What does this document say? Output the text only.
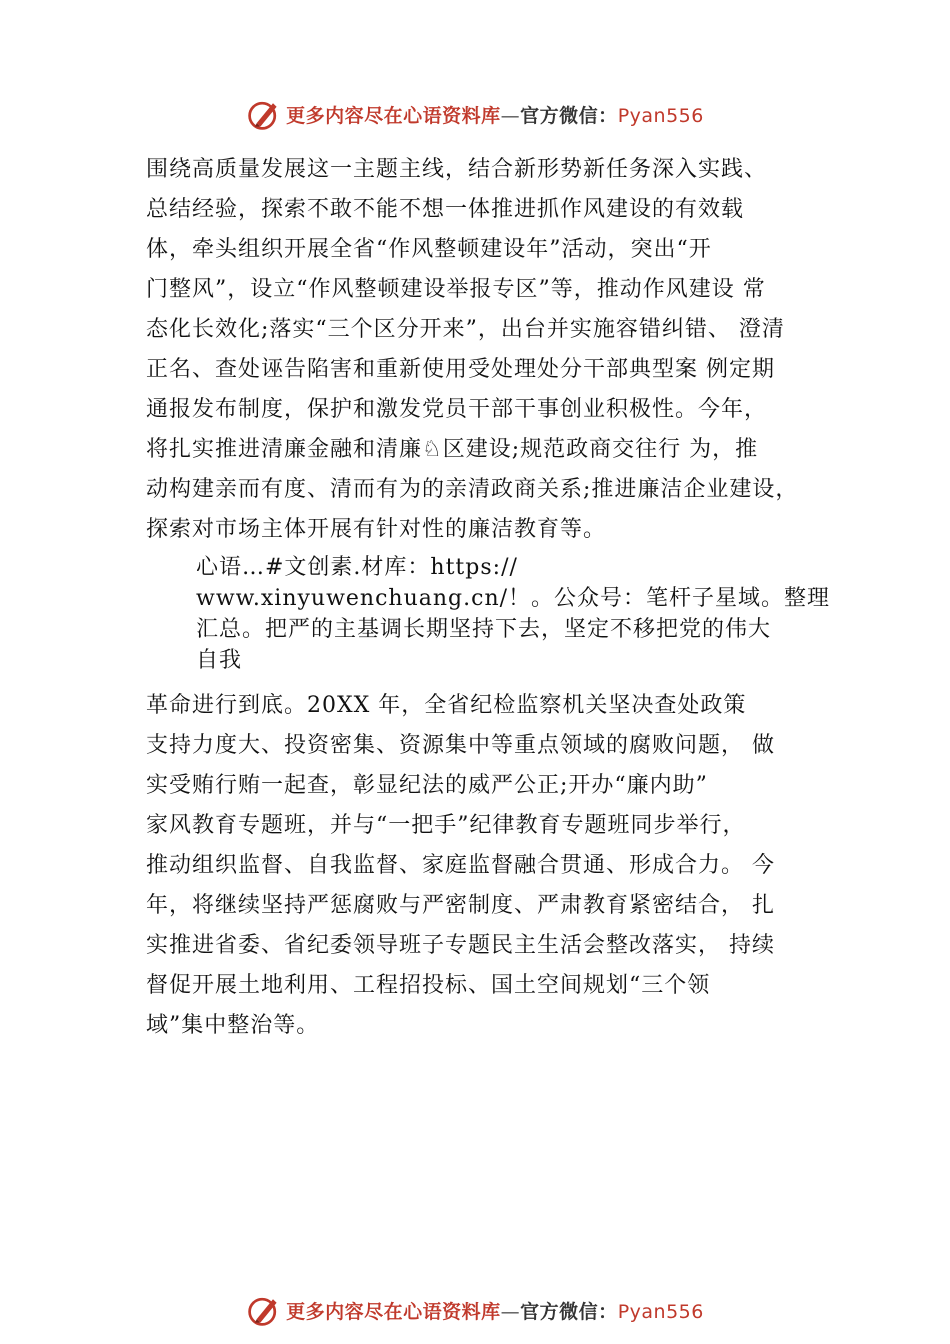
更多内容尽在心语资料库—官方微信：Pyan556
围绕高质量发展这一主题主线，结合新形势新任务深入实践、
总结经验，探索不敢不能不想一体推进抓作风建设的有效载
体，牵头组织开展全省“作风整顿建设年”活动，突出“开
门整风”，设立“作风整顿建设举报专区”等，推动作风建设 常
态化长效化;落实“三个区分开来”，出台并实施容错纠错、 澄清
正名、查处诬告陷害和重新使用受处理处分干部典型案 例定期
通报发布制度，保护和激发党员干部干事创业积极性。今年，
将扎实推进清廉金融和清廉♘区建设;规范政商交往行 为，推
动构建亲而有度、清而有为的亲清政商关系;推进廉洁企业建设，
探索对市场主体开展有针对性的廉洁教育等。
心语…#文创素.材库：https://
www.xinyuwenchuang.cn/！。公众号：笔杆子星域。整理
汇总。把严的主基调长期坚持下去，坚定不移把党的伟大
自我
革命进行到底。20XX 年，全省纪检监察机关坚决查处政策
支持力度大、投资密集、资源集中等重点领域的腐败问题， 做
实受贿行贿一起查，彰显纪法的威严公正;开办“廉内助”
家风教育专题班，并与“一把手”纪律教育专题班同步举行，
推动组织监督、自我监督、家庭监督融合贯通、形成合力。 今
年，将继续坚持严惩腐败与严密制度、严肃教育紧密结合， 扎
实推进省委、省纪委领导班子专题民主生活会整改落实， 持续
督促开展土地利用、工程招投标、国土空间规划“三个领
域”集中整治等。
更多内容尽在心语资料库—官方微信：Pyan556
